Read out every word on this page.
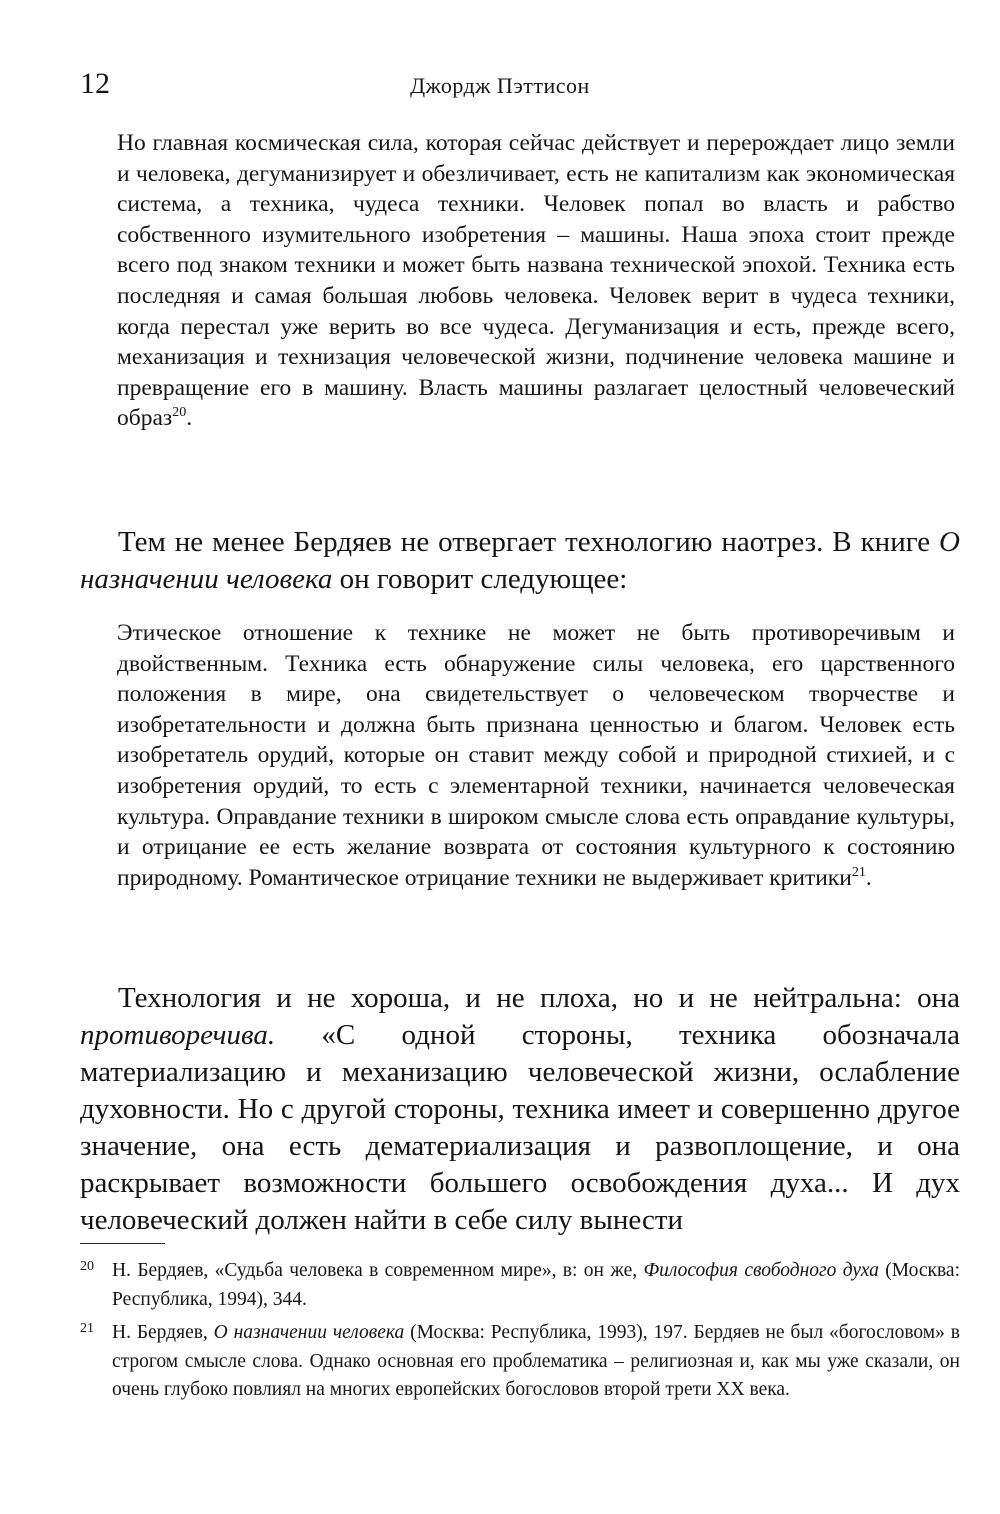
12	Джордж Пэттисон

Но главная космическая сила, которая сейчас действует и перерождает лицо земли и человека, дегуманизирует и обезличивает, есть не капитализм как экономическая система, а техника, чудеса техники. Человек попал во власть и рабство собственного изумительного изобретения – машины. Наша эпоха стоит прежде всего под знаком техники и может быть названа технической эпохой. Техника есть последняя и самая большая любовь человека. Человек верит в чудеса техники, когда перестал уже верить во все чудеса. Дегуманизация и есть, прежде всего, механизация и технизация человеческой жизни, подчинение человека машине и превращение его в машину. Власть машины разлагает целостный человеческий образ$^{20}$.

Тем не менее Бердяев не отвергает технологию наотрез. В книге О назначении человека он говорит следующее:

Этическое отношение к технике не может не быть противоречивым и двойственным. Техника есть обнаружение силы человека, его царственного положения в мире, она свидетельствует о человеческом творчестве и изобретательности и должна быть признана ценностью и благом. Человек есть изобретатель орудий, которые он ставит между собой и природной стихией, и с изобретения орудий, то есть с элементарной техники, начинается человеческая культура. Оправдание техники в широком смысле слова есть оправдание культуры, и отрицание ее есть желание возврата от состояния культурного к состоянию природному. Романтическое отрицание техники не выдерживает критики$^{21}$.

Технология и не хороша, и не плоха, но и не нейтральна: она противоречива. «С одной стороны, техника обозначала материализацию и механизацию человеческой жизни, ослабление духовности. Но с другой стороны, техника имеет и совершенно другое значение, она есть дематериализация и развоплощение, и она раскрывает возможности большего освобождения духа... И дух человеческий должен найти в себе силу вынести

20 Н. Бердяев, «Судьба человека в современном мире», в: он же, Философия свободного духа (Москва: Республика, 1994), 344.
21 Н. Бердяев, О назначении человека (Москва: Республика, 1993), 197. Бердяев не был «богословом» в строгом смысле слова. Однако основная его проблематика – религиозная и, как мы уже сказали, он очень глубоко повлиял на многих европейских богословов второй трети XX века.
